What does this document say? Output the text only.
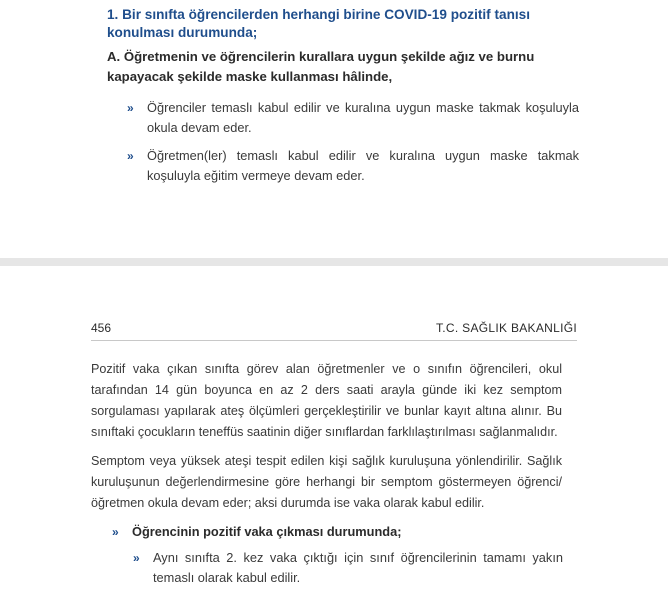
1. Bir sınıfta öğrencilerden herhangi birine COVID-19 pozitif tanısı konulması durumunda;
A. Öğretmenin ve öğrencilerin kurallara uygun şekilde ağız ve burnu kapayacak şekilde maske kullanması hâlinde,
»	Öğrenciler temaslı kabul edilir ve kuralına uygun maske takmak koşuluyla okula devam eder.
»	Öğretmen(ler) temaslı kabul edilir ve kuralına uygun maske takmak koşuluyla eğitim vermeye devam eder.
456	T.C. SAĞLIK BAKANLIĞI
Pozitif vaka çıkan sınıfta görev alan öğretmenler ve o sınıfın öğrencileri, okul tarafından 14 gün boyunca en az 2 ders saati arayla günde iki kez semptom sorgulaması yapılarak ateş ölçümleri gerçekleştirilir ve bunlar kayıt altına alınır. Bu sınıftaki çocukların teneffüs saatinin diğer sınıflardan farklılaştırılması sağlanmalıdır.
Semptom veya yüksek ateşi tespit edilen kişi sağlık kuruluşuna yönlendirilir. Sağlık kuruluşunun değerlendirmesine göre herhangi bir semptom göstermeyen öğrenci/öğretmen okula devam eder; aksi durumda ise vaka olarak kabul edilir.
»	Öğrencinin pozitif vaka çıkması durumunda;
»	Aynı sınıfta 2. kez vaka çıktığı için sınıf öğrencilerinin tamamı yakın temaslı olarak kabul edilir.
